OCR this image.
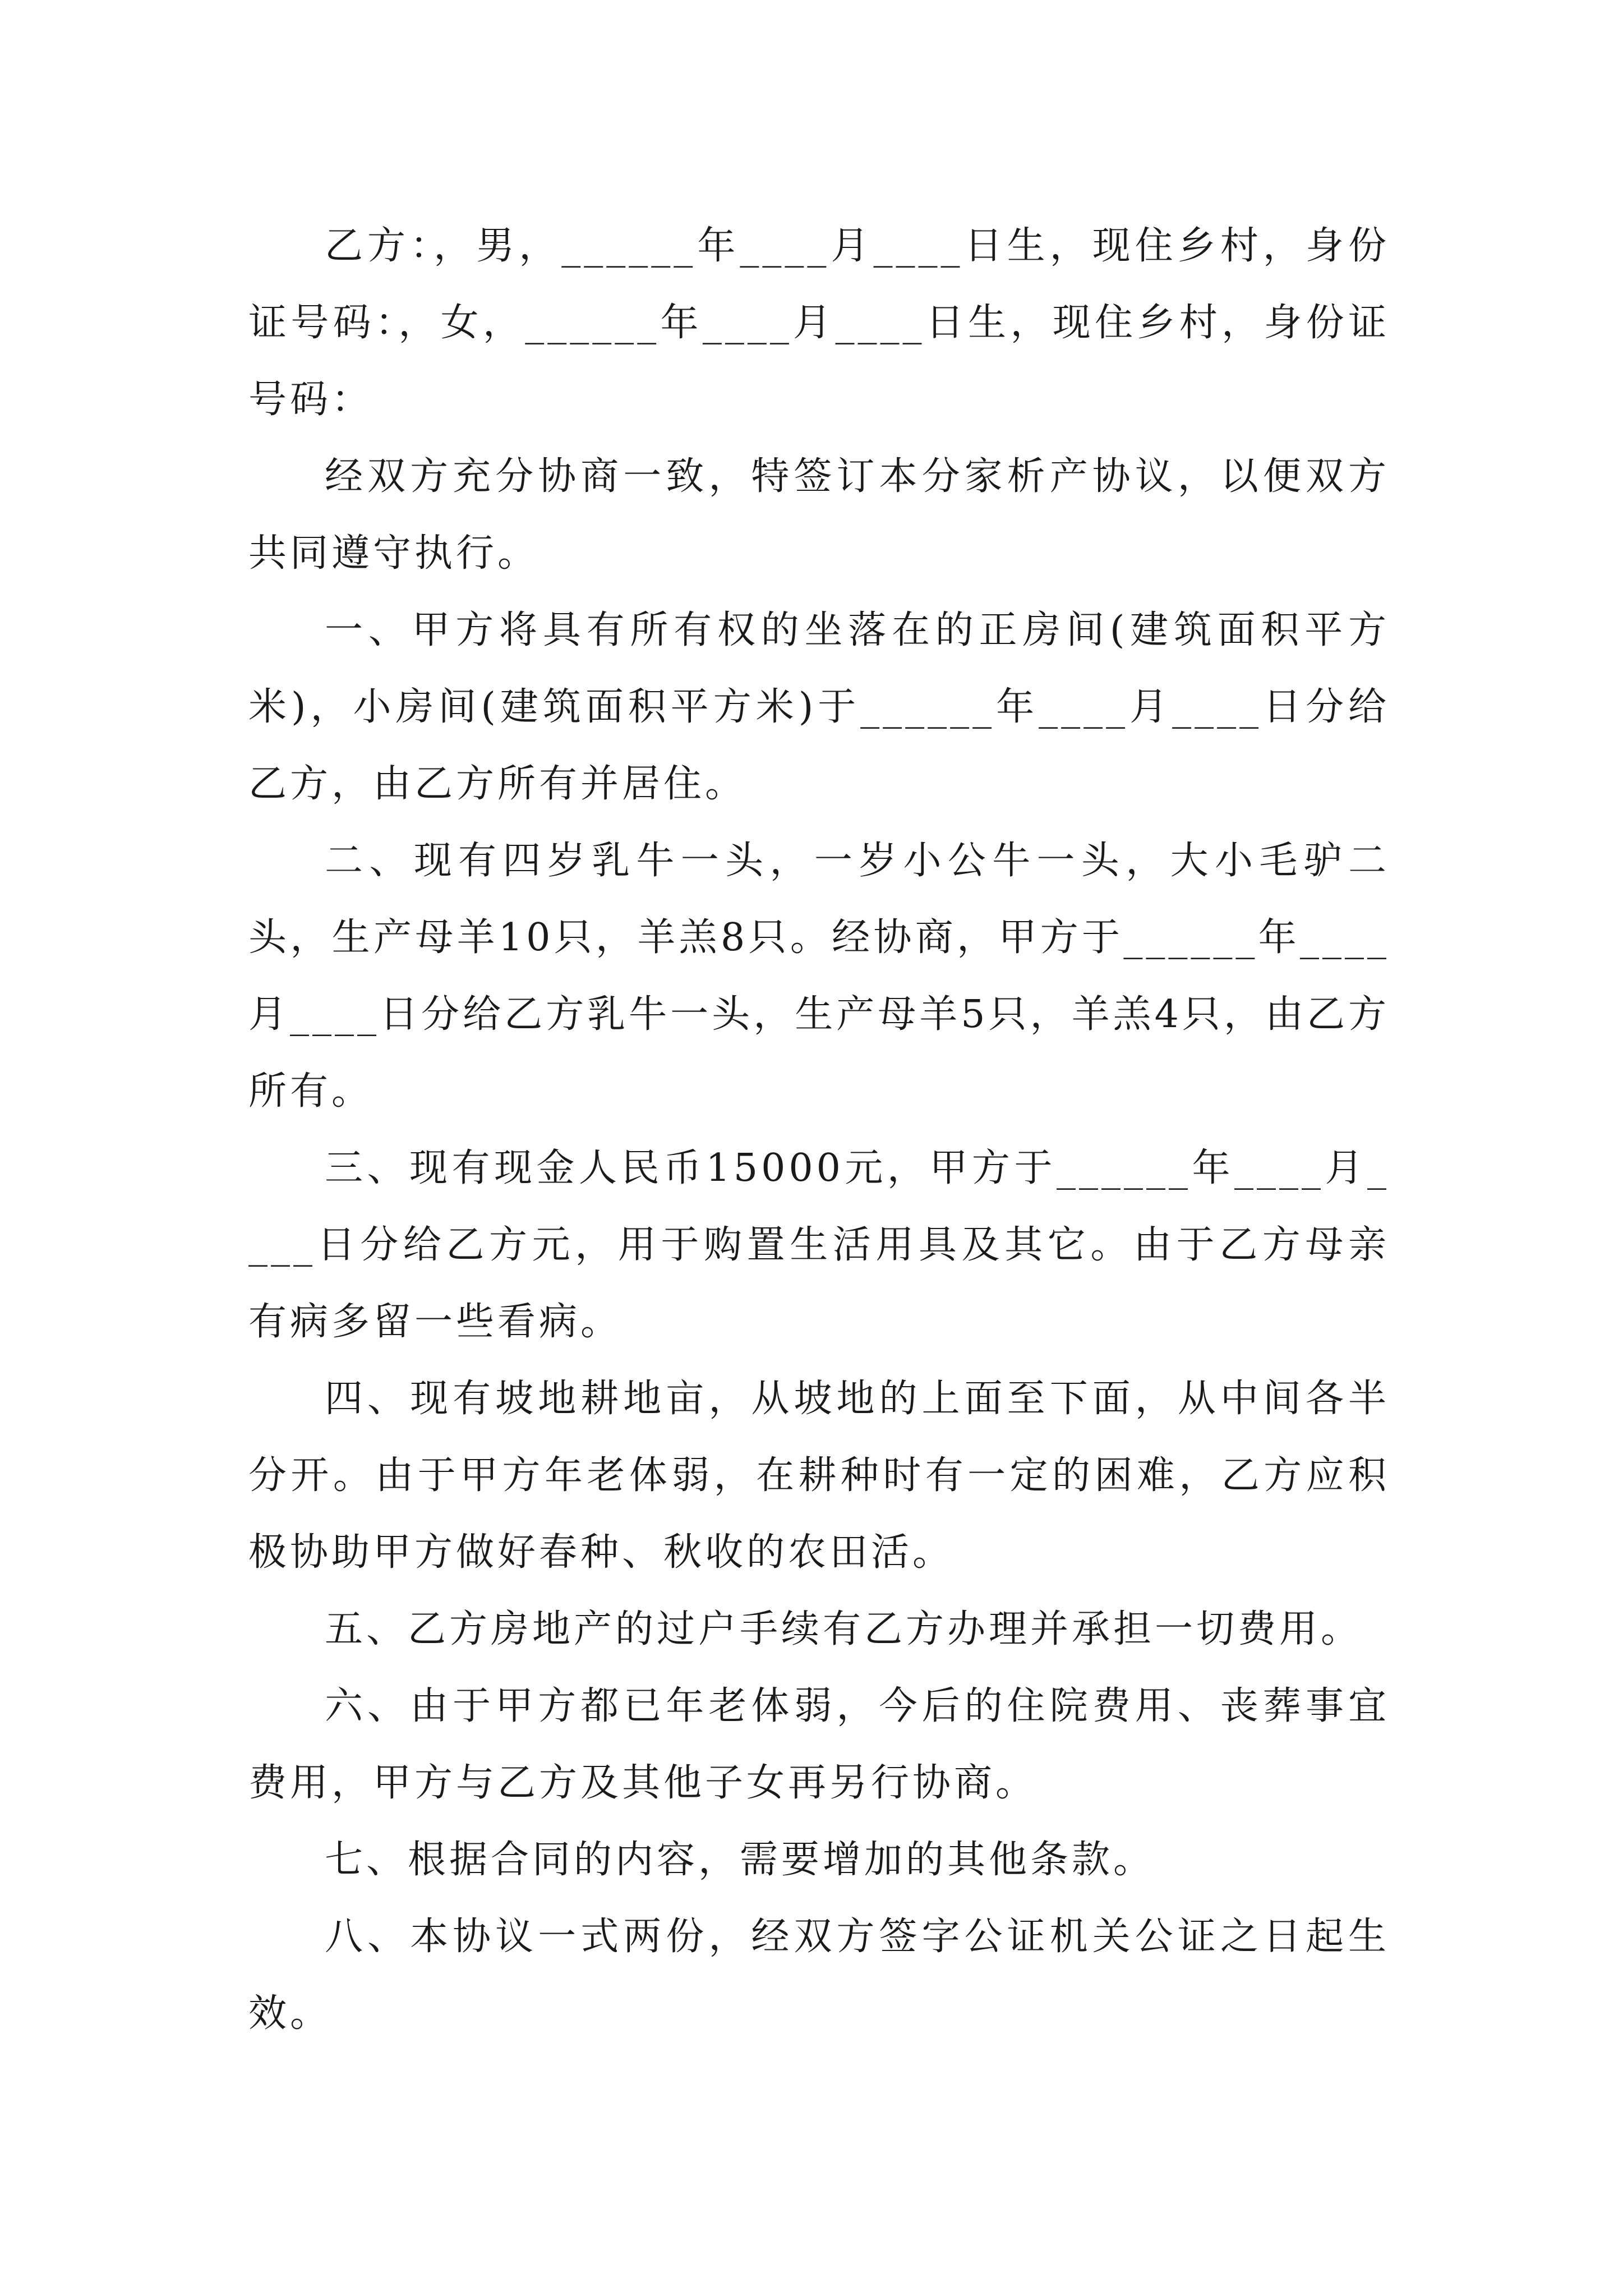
乙方：，男，______年____月____日生，现住乡村，身份证号码：，女，______年____月____日生，现住乡村，身份证号码：

经双方充分协商一致，特签订本分家析产协议，以便双方共同遵守执行。

一、甲方将具有所有权的坐落在的正房间(建筑面积平方米)，小房间(建筑面积平方米)于______年____月____日分给乙方，由乙方所有并居住。

二、现有四岁乳牛一头，一岁小公牛一头，大小毛驴二头，生产母羊10只，羊羔8只。经协商，甲方于______年____月____日分给乙方乳牛一头，生产母羊5只，羊羔4只，由乙方所有。

三、现有现金人民币15000元，甲方于______年____月____日分给乙方元，用于购置生活用具及其它。由于乙方母亲有病多留一些看病。

四、现有坡地耕地亩，从坡地的上面至下面，从中间各半分开。由于甲方年老体弱，在耕种时有一定的困难，乙方应积极协助甲方做好春种、秋收的农田活。

五、乙方房地产的过户手续有乙方办理并承担一切费用。

六、由于甲方都已年老体弱，今后的住院费用、丧葬事宜费用，甲方与乙方及其他子女再另行协商。

七、根据合同的内容，需要增加的其他条款。

八、本协议一式两份，经双方签字公证机关公证之日起生效。
